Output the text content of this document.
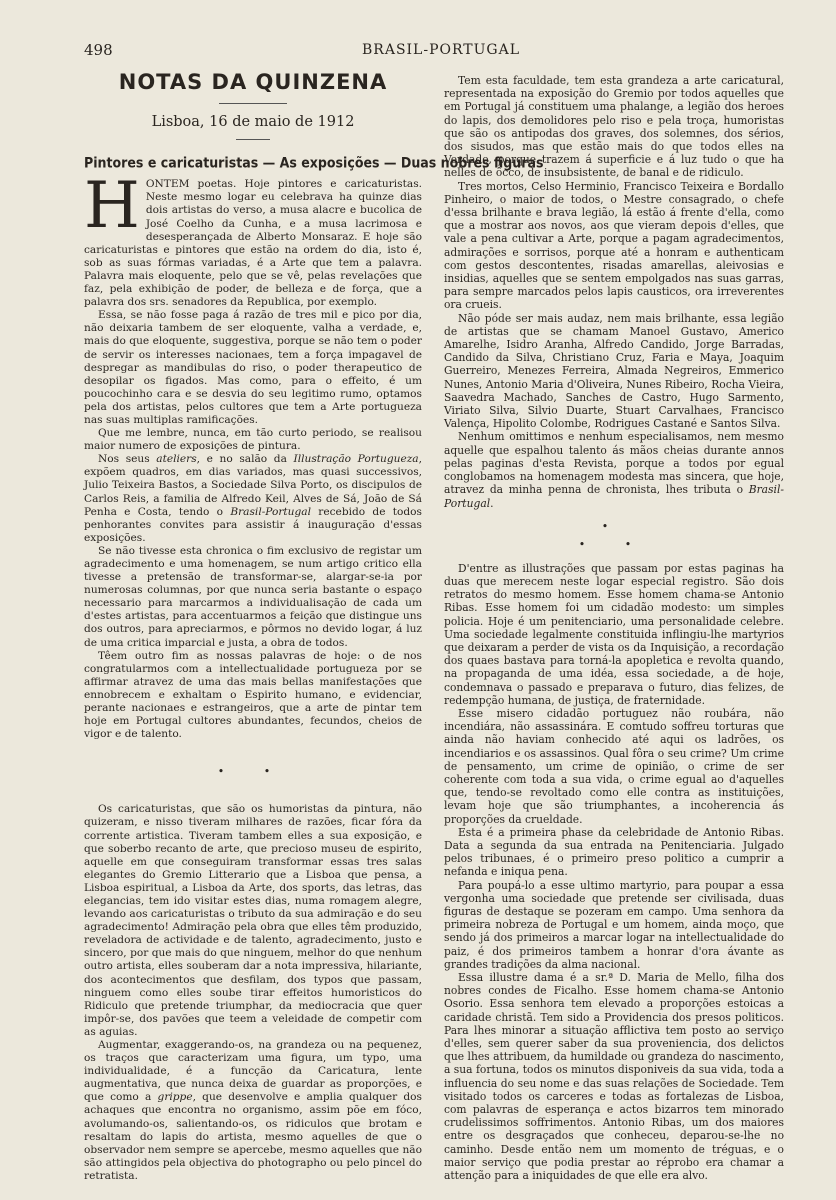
498	BRASIL-PORTUGAL
NOTAS DA QUINZENA

Lisboa, 16 de maio de 1912

Pintores e caricaturistas — As exposições — Duas nobres figuras

HONTEM poetas. Hoje pintores e caricaturistas. Neste mesmo logar eu celebrava ha quinze dias dois artistas do verso, a musa alacre e bucolica de José Coelho da Cunha, e a musa lacrimosa e desesperançada de Alberto Monsaraz. E hoje são caricaturistas e pintores que estão na ordem do dia, isto é, sob as suas fórmas variadas, é a Arte que tem a palavra. Palavra mais eloquente, pelo que se vê, pelas revelações que faz, pela exhibição de poder, de belleza e de força, que a palavra dos srs. senadores da Republica, por exemplo.

Essa, se não fosse paga á razão de tres mil e pico por dia, não deixaria tambem de ser eloquente, valha a verdade, e, mais do que eloquente, suggestiva, porque se não tem o poder de servir os interesses nacionaes, tem a força impagavel de despregar as mandibulas do riso, o poder therapeutico de desopilar os figados. Mas como, para o effeito, é um poucochinho cara e se desvia do seu legitimo rumo, optamos pela dos artistas, pelos cultores que tem a Arte portugueza nas suas multiplas ramificações.

Que me lembre, nunca, em tão curto periodo, se realisou maior numero de exposições de pintura.

Nos seus ateliers, e no salão da Illustração Portugueza, expõem quadros, em dias variados, mas quasi successivos, Julio Teixeira Bastos, a Sociedade Silva Porto, os discipulos de Carlos Reis, a familia de Alfredo Keil, Alves de Sá, João de Sá Penha e Costa, tendo o Brasil-Portugal recebido de todos penhorantes convites para assistir á inauguração d'essas exposições.

Se não tivesse esta chronica o fim exclusivo de registar um agradecimento e uma homenagem, se num artigo critico ella tivesse a pretensão de transformar-se, alargar-se-ia por numerosas columnas, por que nunca seria bastante o espaço necessario para marcarmos a individualisação de cada um d'estes artistas, para accentuarmos a feição que distingue uns dos outros, para apreciarmos, e pôrmos no devido logar, á luz de uma critica imparcial e justa, a obra de todos.

Têem outro fim as nossas palavras de hoje: o de nos congratularmos com a intellectualidade portugueza por se affirmar atravez de uma das mais bellas manifestações que ennobrecem e exhaltam o Espirito humano, e evidenciar, perante nacionaes e estrangeiros, que a arte de pintar tem hoje em Portugal cultores abundantes, fecundos, cheios de vigor e de talento.

• •

Os caricaturistas, que são os humoristas da pintura, não quizeram, e nisso tiveram milhares de razões, ficar fóra da corrente artistica. Tiveram tambem elles a sua exposição, e que soberbo recanto de arte, que precioso museu de espirito, aquelle em que conseguiram transformar essas tres salas elegantes do Gremio Litterario que a Lisboa que pensa, a Lisboa espiritual, a Lisboa da Arte, dos sports, das letras, das elegancias, tem ido visitar estes dias, numa romagem alegre, levando aos caricaturistas o tributo da sua admiração e do seu agradecimento! Admiração pela obra que elles têm produzido, reveladora de actividade e de talento, agradecimento, justo e sincero, por que mais do que ninguem, melhor do que nenhum outro artista, elles souberam dar a nota impressiva, hilariante, dos acontecimentos que desfilam, dos typos que passam, ninguem como elles soube tirar effeitos humoristicos do Ridiculo que pretende triumphar, da mediocracia que quer impôr-se, dos pavões que teem a veleidade de competir com as aguias.

Augmentar, exaggerando-os, na grandeza ou na pequenez, os traços que caracterizam uma figura, um typo, uma individualidade, é a funcção da Caricatura, lente augmentativa, que nunca deixa de guardar as proporções, e que como a grippe, que desenvolve e amplia qualquer dos achaques que encontra no organismo, assim põe em fóco, avolumando-os, salientando-os, os ridiculos que brotam e resaltam do lapis do artista, mesmo aquelles de que o observador nem sempre se apercebe, mesmo aquelles que não são attingidos pela objectiva do photographo ou pelo pincel do retratista.

Tem esta faculdade, tem esta grandeza a arte caricatural, representada na exposição do Gremio por todos aquelles que em Portugal já constituem uma phalange, a legião dos heroes do lapis, dos demolidores pelo riso e pela troça, humoristas que são os antipodas dos graves, dos solemnes, dos sérios, dos sisudos, mas que estão mais do que todos elles na Verdade, porque trazem á superficie e á luz tudo o que ha nelles de ôcco, de insubsistente, de banal e de ridiculo.

Tres mortos, Celso Herminio, Francisco Teixeira e Bordallo Pinheiro, o maior de todos, o Mestre consagrado, o chefe d'essa brilhante e brava legião, lá estão á frente d'ella, como que a mostrar aos novos, aos que vieram depois d'elles, que vale a pena cultivar a Arte, porque a pagam agradecimentos, admirações e sorrisos, porque até a honram e authenticam com gestos descontentes, risadas amarellas, aleivosias e insidias, aquelles que se sentem empolgados nas suas garras, para sempre marcados pelos lapis causticos, ora irreverentes ora crueis.

Não póde ser mais audaz, nem mais brilhante, essa legião de artistas que se chamam Manoel Gustavo, Americo Amarelhe, Isidro Aranha, Alfredo Candido, Jorge Barradas, Candido da Silva, Christiano Cruz, Faria e Maya, Joaquim Guerreiro, Menezes Ferreira, Almada Negreiros, Emmerico Nunes, Antonio Maria d'Oliveira, Nunes Ribeiro, Rocha Vieira, Saavedra Machado, Sanches de Castro, Hugo Sarmento, Viriato Silva, Silvio Duarte, Stuart Carvalhaes, Francisco Valença, Hipolito Colombe, Rodrigues Castané e Santos Silva.

Nenhum omittimos e nenhum especialisamos, nem mesmo aquelle que espalhou talento ás mãos cheias durante annos pelas paginas d'esta Revista, porque a todos por egual conglobamos na homenagem modesta mas sincera, que hoje, atravez da minha penna de chronista, lhes tributa o Brasil-Portugal.

•
• •

D'entre as illustrações que passam por estas paginas ha duas que merecem neste logar especial registro. São dois retratos do mesmo homem. Esse homem chama-se Antonio Ribas. Esse homem foi um cidadão modesto: um simples policia. Hoje é um penitenciario, uma personalidade celebre. Uma sociedade legalmente constituida inflingiu-lhe martyrios que deixaram a perder de vista os da Inquisição, a recordação dos quaes bastava para torná-la apopletica e revolta quando, na propaganda de uma idéa, essa sociedade, a de hoje, condemnava o passado e preparava o futuro, dias felizes, de redempção humana, de justiça, de fraternidade.

Esse misero cidadão portuguez não roubára, não incendiára, não assassinára. E comtudo soffreu torturas que ainda não haviam conhecido até aqui os ladrões, os incendiarios e os assassinos. Qual fôra o seu crime? Um crime de pensamento, um crime de opinião, o crime de ser coherente com toda a sua vida, o crime egual ao d'aquelles que, tendo-se revoltado como elle contra as instituições, levam hoje que são triumphantes, a incoherencia ás proporções da crueldade.

Esta é a primeira phase da celebridade de Antonio Ribas. Data a segunda da sua entrada na Penitenciaria. Julgado pelos tribunaes, é o primeiro preso politico a cumprir a nefanda e iniqua pena.

Para poupá-lo a esse ultimo martyrio, para poupar a essa vergonha uma sociedade que pretende ser civilisada, duas figuras de destaque se pozeram em campo. Uma senhora da primeira nobreza de Portugal e um homem, ainda moço, que sendo já dos primeiros a marcar logar na intellectualidade do paiz, é dos primeiros tambem a honrar d'ora ávante as grandes tradições da alma nacional.

Essa illustre dama é a sr.ª D. Maria de Mello, filha dos nobres condes de Ficalho. Esse homem chama-se Antonio Osorio. Essa senhora tem elevado a proporções estoicas a caridade christã. Tem sido a Providencia dos presos politicos. Para lhes minorar a situação afflictiva tem posto ao serviço d'elles, sem querer saber da sua proveniencia, dos delictos que lhes attribuem, da humildade ou grandeza do nascimento, a sua fortuna, todos os minutos disponiveis da sua vida, toda a influencia do seu nome e das suas relações de Sociedade. Tem visitado todos os carceres e todas as fortalezas de Lisboa, com palavras de esperança e actos bizarros tem minorado crudelissimos soffrimentos. Antonio Ribas, um dos maiores entre os desgraçados que conheceu, deparou-se-lhe no caminho. Desde então nem um momento de tréguas, e o maior serviço que podia prestar ao réprobo era chamar a attenção para a iniquidades de que elle era alvo.
